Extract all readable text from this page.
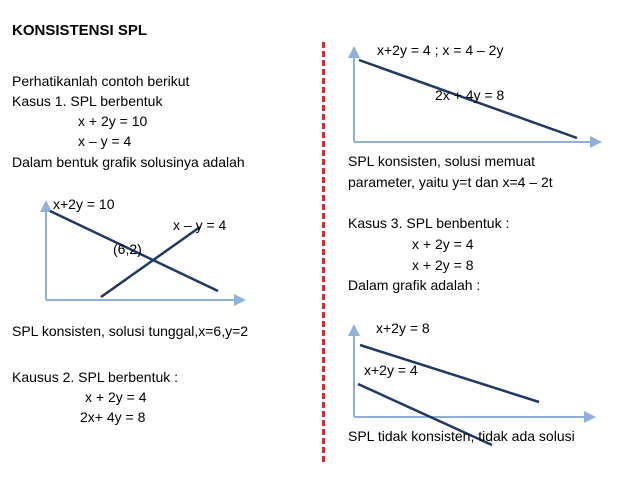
KONSISTENSI SPL
Perhatikanlah contoh berikut
Kasus 1. SPL berbentuk
x + 2y = 10
x – y = 4
Dalam bentuk grafik solusinya adalah
x+2y = 10
x – y = 4
(6,2)
SPL konsisten, solusi tunggal,x=6,y=2
Kausus 2. SPL berbentuk :
x + 2y = 4
2x+ 4y = 8
x+2y = 4 ; x = 4 – 2y
2x + 4y = 8
SPL konsisten, solusi memuat
parameter, yaitu y=t dan x=4 – 2t
Kasus 3. SPL benbentuk :
x + 2y = 4
x + 2y = 8
Dalam grafik adalah :
x+2y = 8
x+2y = 4
SPL tidak konsisten, tidak ada solusi
